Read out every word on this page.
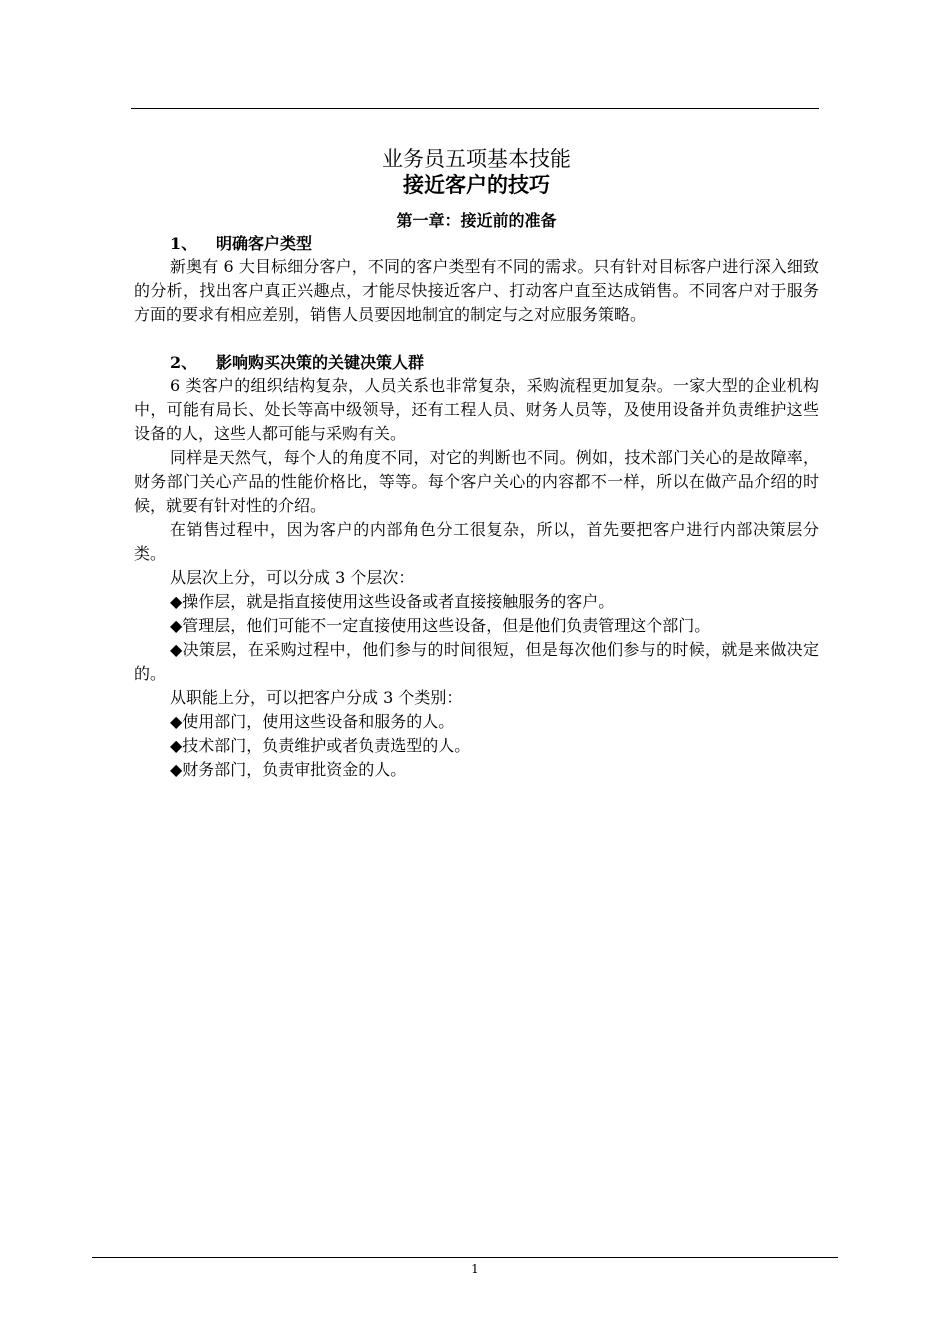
业务员五项基本技能
接近客户的技巧
第一章：接近前的准备
1、 明确客户类型

新奥有 6 大目标细分客户，不同的客户类型有不同的需求。只有针对目标客户进行深入细致的分析，找出客户真正兴趣点，才能尽快接近客户、打动客户直至达成销售。不同客户对于服务方面的要求有相应差别，销售人员要因地制宜的制定与之对应服务策略。

2、 影响购买决策的关键决策人群

6 类客户的组织结构复杂，人员关系也非常复杂，采购流程更加复杂。一家大型的企业机构中，可能有局长、处长等高中级领导，还有工程人员、财务人员等，及使用设备并负责维护这些设备的人，这些人都可能与采购有关。

同样是天然气，每个人的角度不同，对它的判断也不同。例如，技术部门关心的是故障率，财务部门关心产品的性能价格比，等等。每个客户关心的内容都不一样，所以在做产品介绍的时候，就要有针对性的介绍。

在销售过程中，因为客户的内部角色分工很复杂，所以，首先要把客户进行内部决策层分类。

从层次上分，可以分成 3 个层次：

◆操作层，就是指直接使用这些设备或者直接接触服务的客户。

◆管理层，他们可能不一定直接使用这些设备，但是他们负责管理这个部门。

◆决策层，在采购过程中，他们参与的时间很短，但是每次他们参与的时候，就是来做决定的。

从职能上分，可以把客户分成 3 个类别：

◆使用部门，使用这些设备和服务的人。

◆技术部门，负责维护或者负责选型的人。

◆财务部门，负责审批资金的人。

1
